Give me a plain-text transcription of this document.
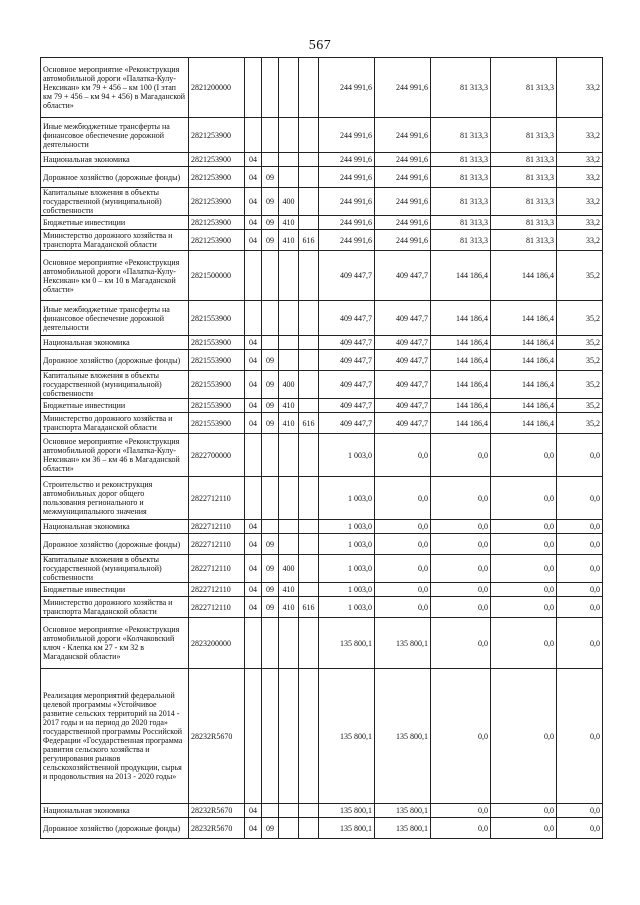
567
Основное мероприятие «Реконструкция автомобильной дороги «Палатка-Кулу-Нексикан» км 79 + 456 – км 100 (I этап км 79 + 456 – км 94 + 456) в Магаданской области»	2821200000					244 991,6	244 991,6	81 313,3	81 313,3	33,2
Иные межбюджетные трансферты на финансовое обеспечение дорожной деятельности	2821253900					244 991,6	244 991,6	81 313,3	81 313,3	33,2
Национальная экономика	2821253900	04				244 991,6	244 991,6	81 313,3	81 313,3	33,2
Дорожное хозяйство (дорожные фонды)	2821253900	04	09			244 991,6	244 991,6	81 313,3	81 313,3	33,2
Капитальные вложения в объекты государственной (муниципальной) собственности	2821253900	04	09	400		244 991,6	244 991,6	81 313,3	81 313,3	33,2
Бюджетные инвестиции	2821253900	04	09	410		244 991,6	244 991,6	81 313,3	81 313,3	33,2
Министерство дорожного хозяйства и транспорта Магаданской области	2821253900	04	09	410	616	244 991,6	244 991,6	81 313,3	81 313,3	33,2
Основное мероприятие «Реконструкция автомобильной дороги «Палатка-Кулу-Нексикан» км 0 – км 10 в Магаданской области»	2821500000					409 447,7	409 447,7	144 186,4	144 186,4	35,2
Иные межбюджетные трансферты на финансовое обеспечение дорожной деятельности	2821553900					409 447,7	409 447,7	144 186,4	144 186,4	35,2
Национальная экономика	2821553900	04				409 447,7	409 447,7	144 186,4	144 186,4	35,2
Дорожное хозяйство (дорожные фонды)	2821553900	04	09			409 447,7	409 447,7	144 186,4	144 186,4	35,2
Капитальные вложения в объекты государственной (муниципальной) собственности	2821553900	04	09	400		409 447,7	409 447,7	144 186,4	144 186,4	35,2
Бюджетные инвестиции	2821553900	04	09	410		409 447,7	409 447,7	144 186,4	144 186,4	35,2
Министерство дорожного хозяйства и транспорта Магаданской области	2821553900	04	09	410	616	409 447,7	409 447,7	144 186,4	144 186,4	35,2
Основное мероприятие «Реконструкция автомобильной дороги «Палатка-Кулу-Нексикан» км 36 – км 46 в Магаданской области»	2822700000					1 003,0	0,0	0,0	0,0	0,0
Строительство и реконструкция автомобильных дорог общего пользования регионального и межмуниципального значения	2822712110					1 003,0	0,0	0,0	0,0	0,0
Национальная экономика	2822712110	04				1 003,0	0,0	0,0	0,0	0,0
Дорожное хозяйство (дорожные фонды)	2822712110	04	09			1 003,0	0,0	0,0	0,0	0,0
Капитальные вложения в объекты государственной (муниципальной) собственности	2822712110	04	09	400		1 003,0	0,0	0,0	0,0	0,0
Бюджетные инвестиции	2822712110	04	09	410		1 003,0	0,0	0,0	0,0	0,0
Министерство дорожного хозяйства и транспорта Магаданской области	2822712110	04	09	410	616	1 003,0	0,0	0,0	0,0	0,0
Основное мероприятие «Реконструкция автомобильной дороги «Колчаковский ключ - Клепка км 27 - км 32 в Магаданской области»	2823200000					135 800,1	135 800,1	0,0	0,0	0,0
Реализация мероприятий федеральной целевой программы «Устойчивое развитие сельских территорий на 2014 - 2017 годы и на период до 2020 года» государственной программы Российской Федерации «Государственная программа развития сельского хозяйства и регулирования рынков сельскохозяйственной продукции, сырья и продовольствия на 2013 - 2020 годы»	28232R5670					135 800,1	135 800,1	0,0	0,0	0,0
Национальная экономика	28232R5670	04				135 800,1	135 800,1	0,0	0,0	0,0
Дорожное хозяйство (дорожные фонды)	28232R5670	04	09			135 800,1	135 800,1	0,0	0,0	0,0
